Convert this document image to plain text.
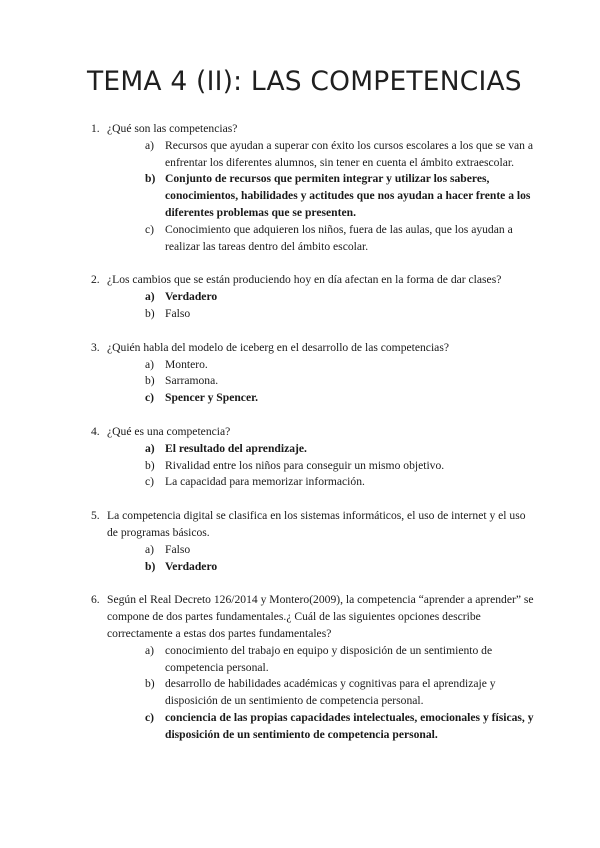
TEMA 4 (II): LAS COMPETENCIAS
1. ¿Qué son las competencias?
a) Recursos que ayudan a superar con éxito los cursos escolares a los que se van a enfrentar los diferentes alumnos, sin tener en cuenta el ámbito extraescolar.
b) Conjunto de recursos que permiten integrar y utilizar los saberes, conocimientos, habilidades y actitudes que nos ayudan a hacer frente a los diferentes problemas que se presenten.
c) Conocimiento que adquieren los niños, fuera de las aulas, que los ayudan a realizar las tareas dentro del ámbito escolar.
2. ¿Los cambios que se están produciendo hoy en día afectan en la forma de dar clases?
a) Verdadero
b) Falso
3. ¿Quién habla del modelo de iceberg en el desarrollo de las competencias?
a) Montero.
b) Sarramona.
c) Spencer y Spencer.
4. ¿Qué es una competencia?
a) El resultado del aprendizaje.
b) Rivalidad entre los niños para conseguir un mismo objetivo.
c) La capacidad para memorizar información.
5. La competencia digital se clasifica en los sistemas informáticos, el uso de internet y el uso de programas básicos.
a) Falso
b) Verdadero
6. Según el Real Decreto 126/2014 y Montero(2009), la competencia “aprender a aprender” se compone de dos partes fundamentales.¿ Cuál de las siguientes opciones describe correctamente a estas dos partes fundamentales?
a) conocimiento del trabajo en equipo y disposición de un sentimiento de competencia personal.
b) desarrollo de habilidades académicas y cognitivas para el aprendizaje y disposición de un sentimiento de competencia personal.
c) conciencia de las propias capacidades intelectuales, emocionales y físicas, y disposición de un sentimiento de competencia personal.
